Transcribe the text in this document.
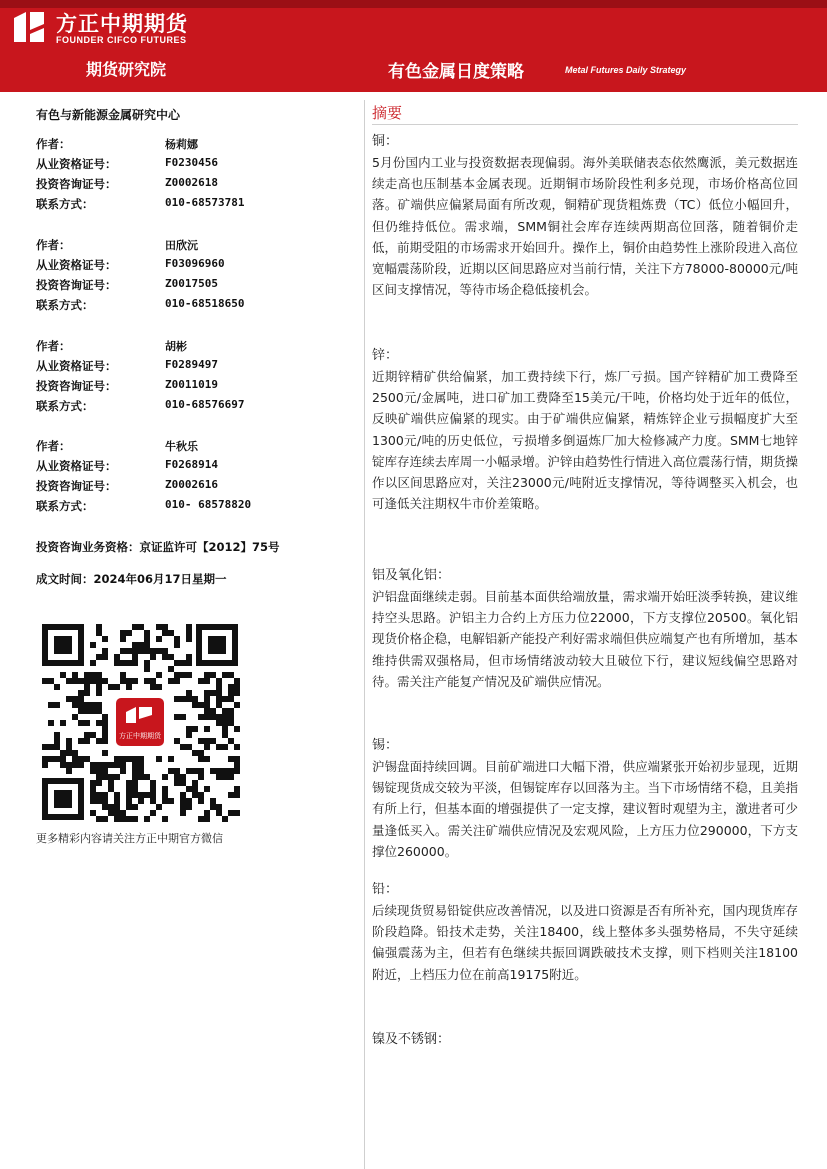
方正中期期货
FOUNDER CIFCO FUTURES
期货研究院	有色金属日度策略	Metal Futures Daily Strategy
有色与新能源金属研究中心
作者：	杨莉娜
从业资格证号：	F0230456
投资咨询证号：	Z0002618
联系方式：	010-68573781
作者：	田欣沅
从业资格证号：	F03096960
投资咨询证号：	Z0017505
联系方式：	010-68518650
作者：	胡彬
从业资格证号：	F0289497
投资咨询证号：	Z0011019
联系方式：	010-68576697
作者：	牛秋乐
从业资格证号：	F0268914
投资咨询证号：	Z0002616
联系方式：	010- 68578820
投资咨询业务资格：京证监许可【2012】75号
成文时间：2024年06月17日星期一
方正中期期货
更多精彩内容请关注方正中期官方微信
摘要
铜：
5月份国内工业与投资数据表现偏弱。海外美联储表态依然鹰派，美元数据连续走高也压制基本金属表现。近期铜市场阶段性利多兑现，市场价格高位回落。矿端供应偏紧局面有所改观，铜精矿现货粗炼费（TC）低位小幅回升，但仍维持低位。需求端，SMM铜社会库存连续两期高位回落，随着铜价走低，前期受阻的市场需求开始回升。操作上，铜价由趋势性上涨阶段进入高位宽幅震荡阶段，近期以区间思路应对当前行情，关注下方78000-80000元/吨区间支撑情况，等待市场企稳低接机会。
锌：
近期锌精矿供给偏紧，加工费持续下行，炼厂亏损。国产锌精矿加工费降至2500元/金属吨，进口矿加工费降至15美元/干吨，价格均处于近年的低位，反映矿端供应偏紧的现实。由于矿端供应偏紧，精炼锌企业亏损幅度扩大至1300元/吨的历史低位，亏损增多倒逼炼厂加大检修减产力度。SMM七地锌锭库存连续去库周一小幅录增。沪锌由趋势性行情进入高位震荡行情，期货操作以区间思路应对，关注23000元/吨附近支撑情况，等待调整买入机会，也可逢低关注期权牛市价差策略。
铝及氧化铝：
沪铝盘面继续走弱。目前基本面供给端放量，需求端开始旺淡季转换，建议维持空头思路。沪铝主力合约上方压力位22000，下方支撑位20500。氧化铝现货价格企稳，电解铝新产能投产利好需求端但供应端复产也有所增加，基本维持供需双强格局，但市场情绪波动较大且破位下行，建议短线偏空思路对待。需关注产能复产情况及矿端供应情况。
锡：
沪锡盘面持续回调。目前矿端进口大幅下滑，供应端紧张开始初步显现，近期锡锭现货成交较为平淡，但锡锭库存以回落为主。当下市场情绪不稳，且美指有所上行，但基本面的增强提供了一定支撑，建议暂时观望为主，激进者可少量逢低买入。需关注矿端供应情况及宏观风险，上方压力位290000，下方支撑位260000。
铅：
后续现货贸易铅锭供应改善情况，以及进口资源是否有所补充，国内现货库存阶段趋降。铅技术走势，关注18400，线上整体多头强势格局，不失守延续偏强震荡为主，但若有色继续共振回调跌破技术支撑，则下档则关注18100附近，上档压力位在前高19175附近。
镍及不锈钢：
